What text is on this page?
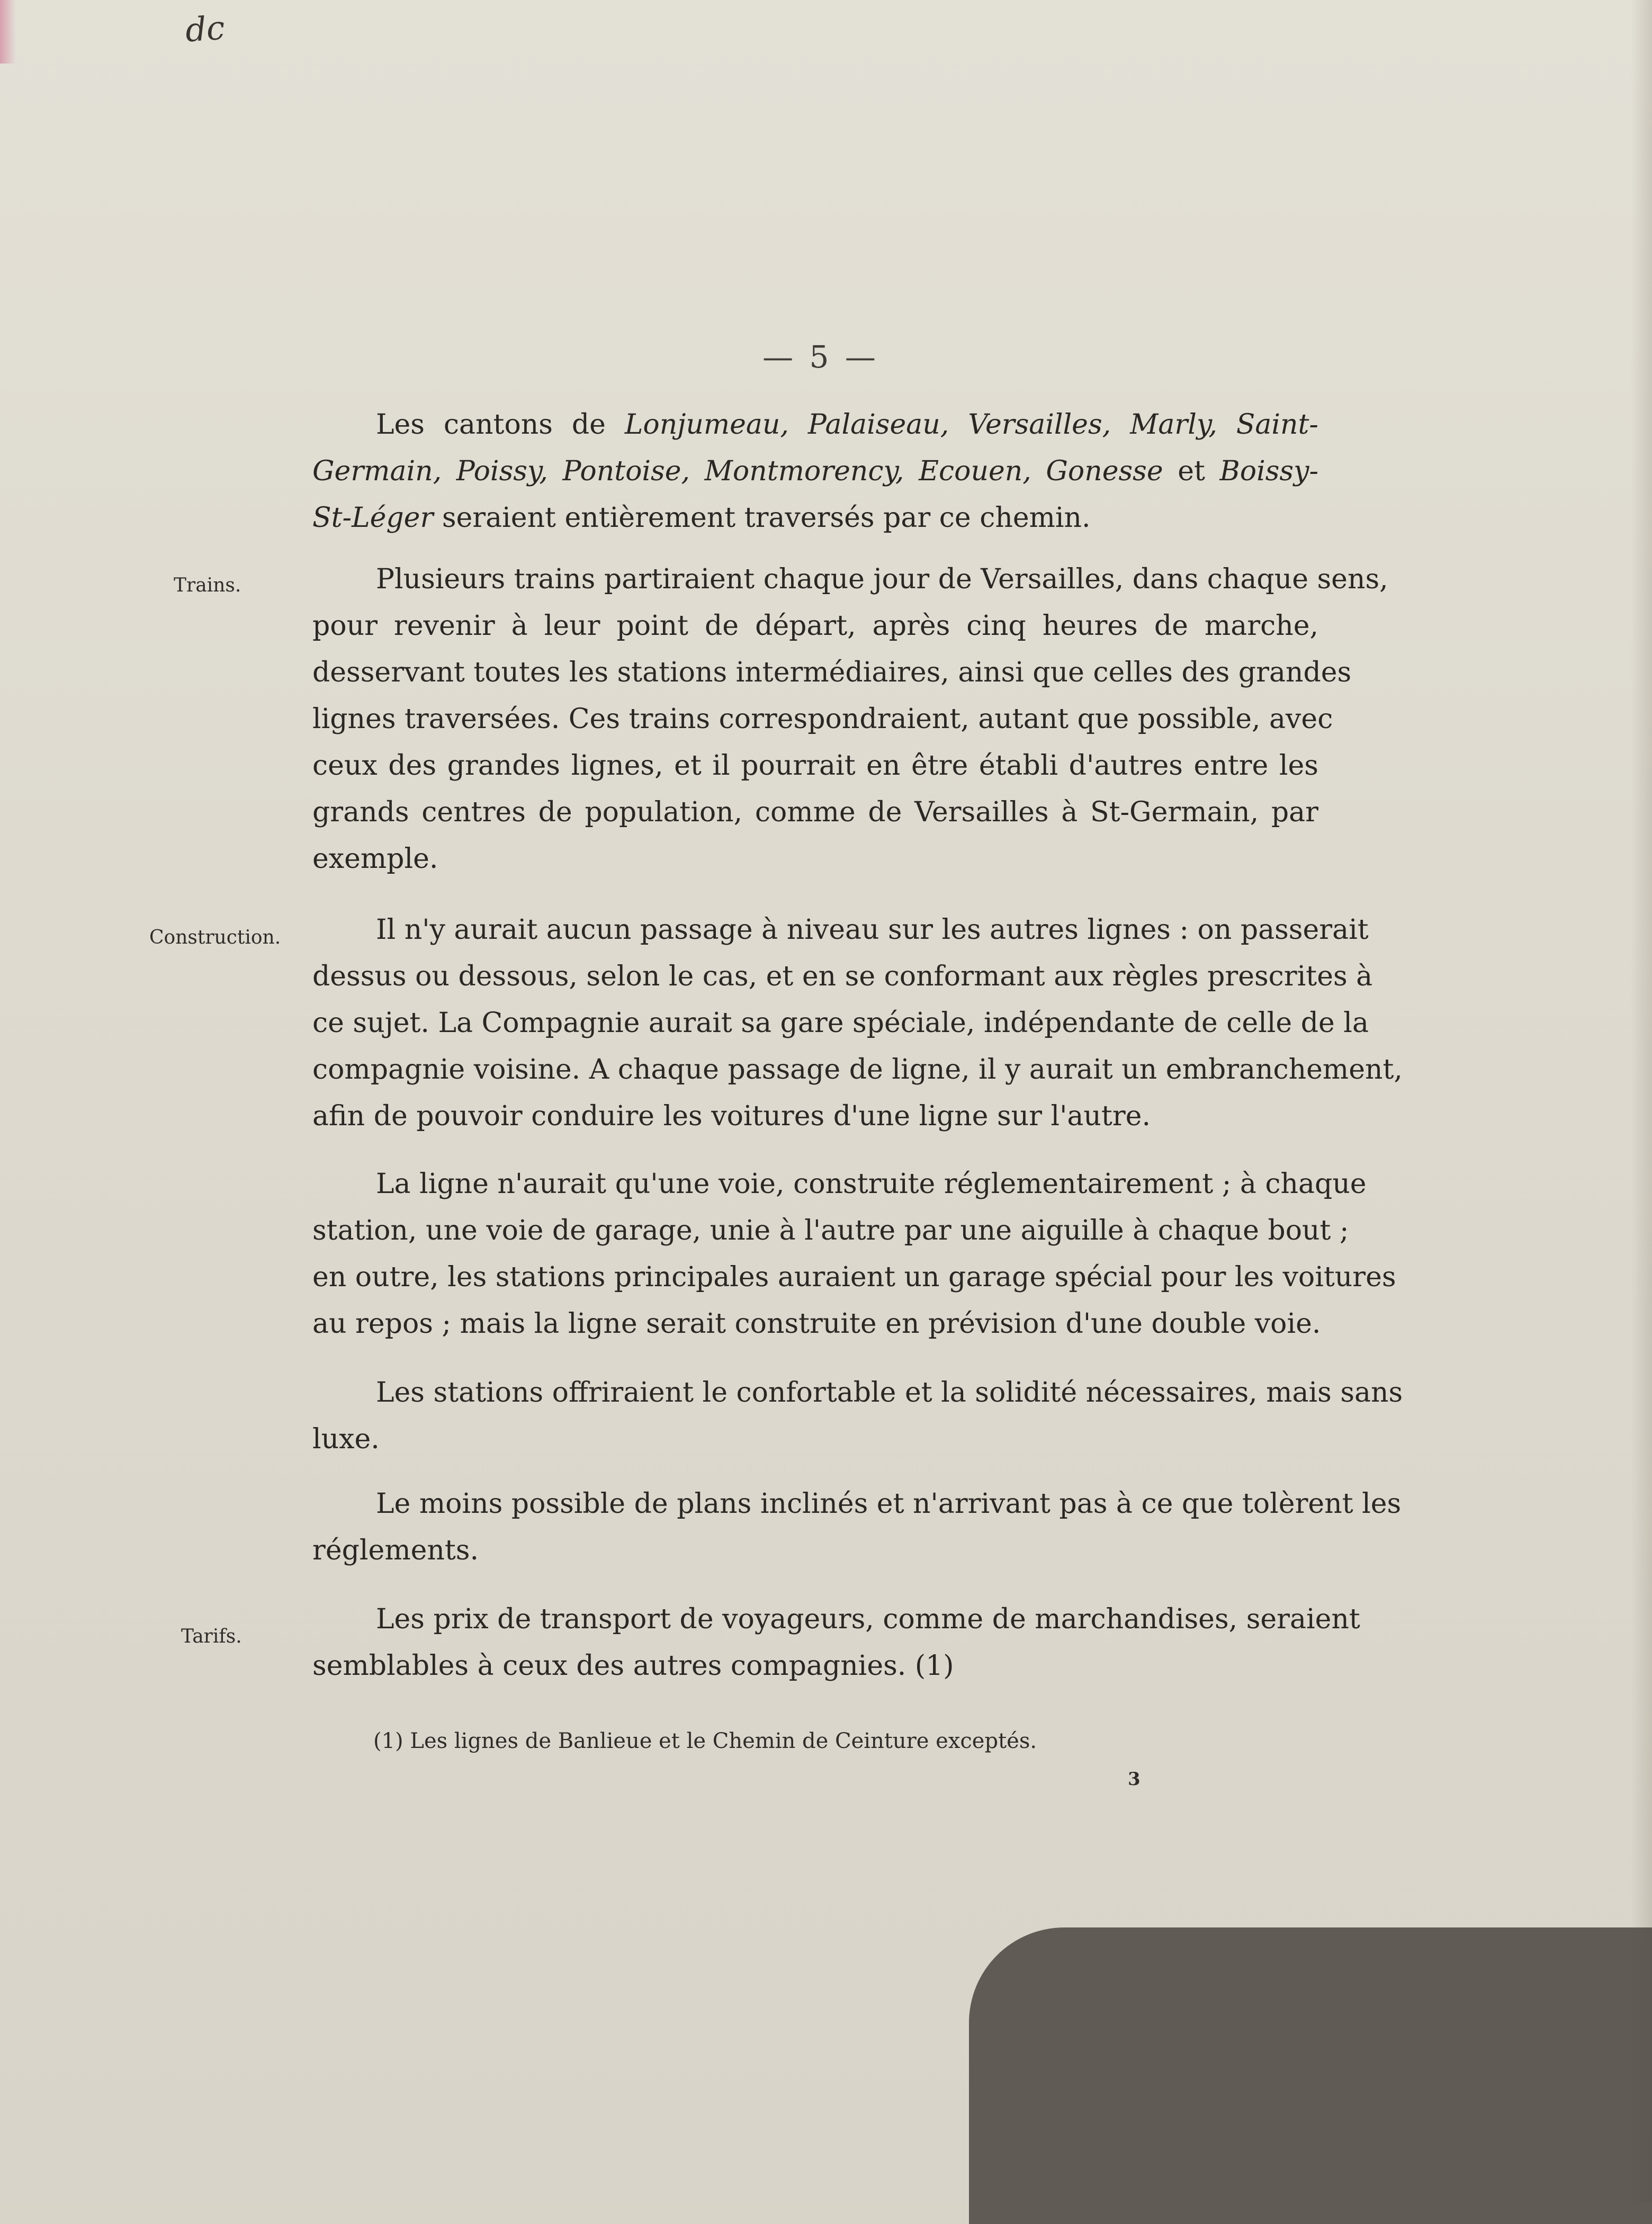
dc
— 5 —
Les cantons de Lonjumeau, Palaiseau, Versailles, Marly, Saint-
Germain, Poissy, Pontoise, Montmorency, Ecouen, Gonesse et Boissy-
St-Léger seraient entièrement traversés par ce chemin.
Trains.	Plusieurs trains partiraient chaque jour de Versailles, dans chaque sens,
pour revenir à leur point de départ, après cinq heures de marche,
desservant toutes les stations intermédiaires, ainsi que celles des grandes
lignes traversées. Ces trains correspondraient, autant que possible, avec
ceux des grandes lignes, et il pourrait en être établi d'autres entre les
grands centres de population, comme de Versailles à St-Germain, par
exemple.
Construction.	Il n'y aurait aucun passage à niveau sur les autres lignes : on passerait
dessus ou dessous, selon le cas, et en se conformant aux règles prescrites à
ce sujet. La Compagnie aurait sa gare spéciale, indépendante de celle de la
compagnie voisine. A chaque passage de ligne, il y aurait un embranchement,
afin de pouvoir conduire les voitures d'une ligne sur l'autre.
La ligne n'aurait qu'une voie, construite réglementairement ; à chaque
station, une voie de garage, unie à l'autre par une aiguille à chaque bout ;
en outre, les stations principales auraient un garage spécial pour les voitures
au repos ; mais la ligne serait construite en prévision d'une double voie.
Les stations offriraient le confortable et la solidité nécessaires, mais sans
luxe.
Le moins possible de plans inclinés et n'arrivant pas à ce que tolèrent les
réglements.
Tarifs.
Les prix de transport de voyageurs, comme de marchandises, seraient
semblables à ceux des autres compagnies. (1)
(1) Les lignes de Banlieue et le Chemin de Ceinture exceptés.
3
